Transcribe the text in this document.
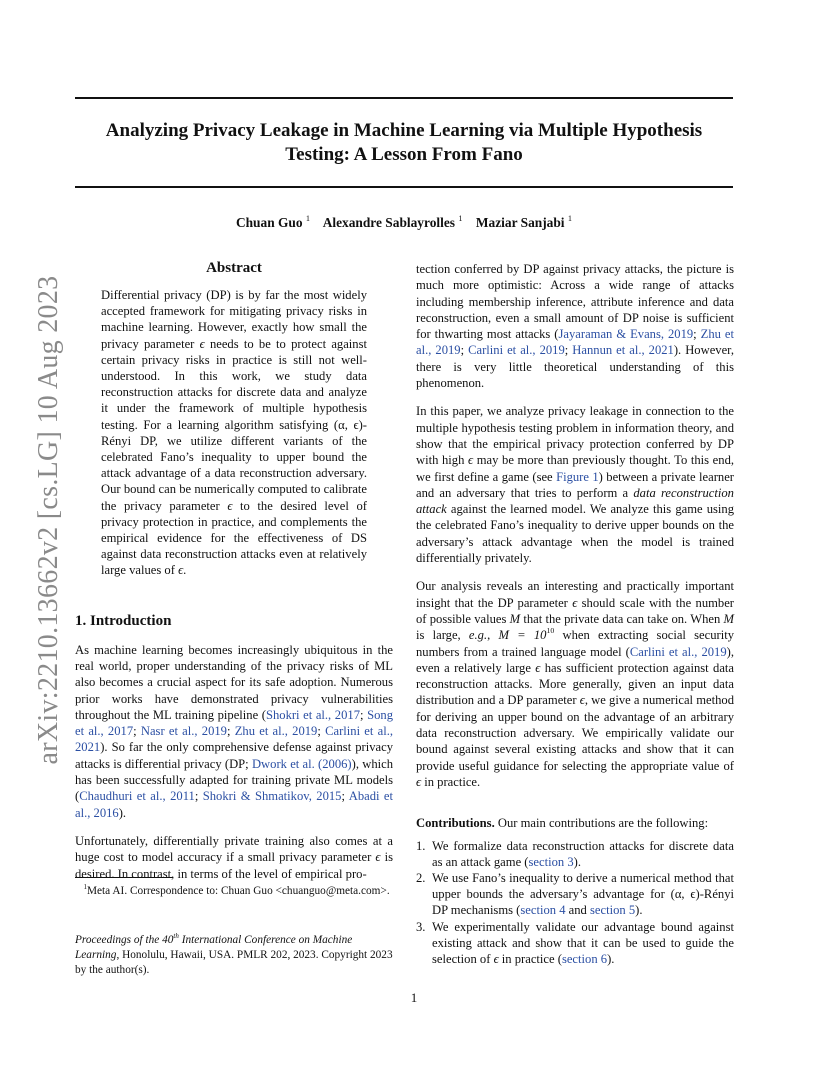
Analyzing Privacy Leakage in Machine Learning via Multiple Hypothesis
Testing: A Lesson From Fano
Chuan Guo $^1$ Alexandre Sablayrolles $^1$ Maziar Sanjabi $^1$
arXiv:2210.13662v2 [cs.LG] 10 Aug 2023
Abstract
Differential privacy (DP) is by far the most widely accepted framework for mitigating privacy risks in machine learning. However, exactly how small the privacy parameter ϵ needs to be to protect against certain privacy risks in practice is still not well-understood. In this work, we study data reconstruction attacks for discrete data and analyze it under the framework of multiple hypothesis testing. For a learning algorithm satisfying (α, ϵ)-Rényi DP, we utilize different variants of the celebrated Fano’s inequality to upper bound the attack advantage of a data reconstruction adversary. Our bound can be numerically computed to calibrate the privacy parameter ϵ to the desired level of privacy protection in practice, and complements the empirical evidence for the effectiveness of DS against data reconstruction attacks even at relatively large values of ϵ.
1. Introduction

As machine learning becomes increasingly ubiquitous in the real world, proper understanding of the privacy risks of ML also becomes a crucial aspect for its safe adoption. Numerous prior works have demonstrated privacy vulnerabilities throughout the ML training pipeline (Shokri et al., 2017; Song et al., 2017; Nasr et al., 2019; Zhu et al., 2019; Carlini et al., 2021). So far the only comprehensive defense against privacy attacks is differential privacy (DP; Dwork et al. (2006)), which has been successfully adapted for training private ML models (Chaudhuri et al., 2011; Shokri & Shmatikov, 2015; Abadi et al., 2016).

Unfortunately, differentially private training also comes at a huge cost to model accuracy if a small privacy parameter ϵ is desired. In contrast, in terms of the level of empirical pro-

$^1$Meta AI. Correspondence to: Chuan Guo <chuanguo@meta.com>.
Proceedings of the 40th International Conference on Machine Learning, Honolulu, Hawaii, USA. PMLR 202, 2023. Copyright 2023 by the author(s).

tection conferred by DP against privacy attacks, the picture is much more optimistic: Across a wide range of attacks including membership inference, attribute inference and data reconstruction, even a small amount of DP noise is sufficient for thwarting most attacks (Jayaraman & Evans, 2019; Zhu et al., 2019; Carlini et al., 2019; Hannun et al., 2021). However, there is very little theoretical understanding of this phenomenon.

In this paper, we analyze privacy leakage in connection to the multiple hypothesis testing problem in information theory, and show that the empirical privacy protection conferred by DP with high ϵ may be more than previously thought. To this end, we first define a game (see Figure 1) between a private learner and an adversary that tries to perform a data reconstruction attack against the learned model. We analyze this game using the celebrated Fano’s inequality to derive upper bounds on the adversary’s attack advantage when the model is trained differentially privately.

Our analysis reveals an interesting and practically important insight that the DP parameter ϵ should scale with the number of possible values M that the private data can take on. When M is large, e.g., $M = 10^{10}$ when extracting social security numbers from a trained language model (Carlini et al., 2019), even a relatively large ϵ has sufficient protection against data reconstruction attacks. More generally, given an input data distribution and a DP parameter ϵ, we give a numerical method for deriving an upper bound on the advantage of an arbitrary data reconstruction adversary. We empirically validate our bound against several existing attacks and show that it can provide useful guidance for selecting the appropriate value of ϵ in practice.

Contributions. Our main contributions are the following:

1. We formalize data reconstruction attacks for discrete data as an attack game (section 3).
2. We use Fano’s inequality to derive a numerical method that upper bounds the adversary’s advantage for (α, ϵ)-Rényi DP mechanisms (section 4 and section 5).
3. We experimentally validate our advantage bound against existing attack and show that it can be used to guide the selection of ϵ in practice (section 6).
1
